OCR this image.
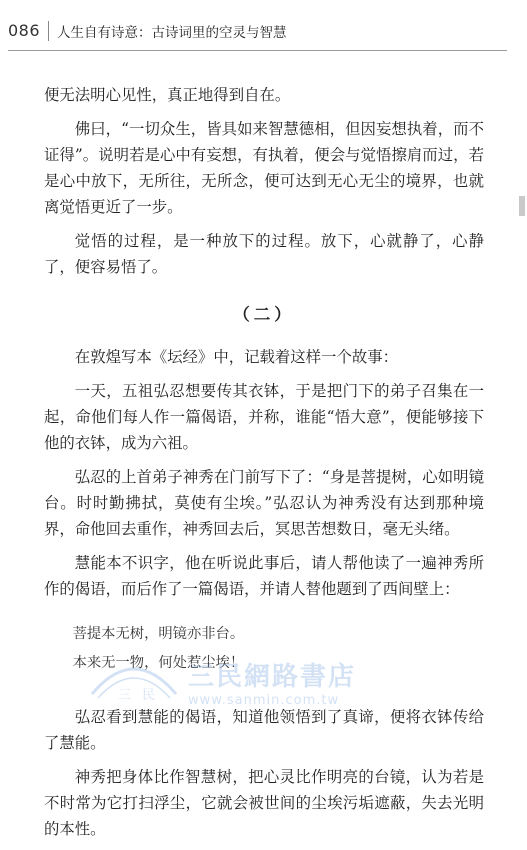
086	人生自有诗意：古诗词里的空灵与智慧

便无法明心见性，真正地得到自在。

佛曰，“一切众生，皆具如来智慧德相，但因妄想执着，而不证得”。说明若是心中有妄想，有执着，便会与觉悟擦肩而过，若是心中放下，无所往，无所念，便可达到无心无尘的境界，也就离觉悟更近了一步。

觉悟的过程，是一种放下的过程。放下，心就静了，心静了，便容易悟了。

（二）

在敦煌写本《坛经》中，记载着这样一个故事：

一天，五祖弘忍想要传其衣钵，于是把门下的弟子召集在一起，命他们每人作一篇偈语，并称，谁能“悟大意”，便能够接下他的衣钵，成为六祖。

弘忍的上首弟子神秀在门前写下了：“身是菩提树，心如明镜台。时时勤拂拭，莫使有尘埃。”弘忍认为神秀没有达到那种境界，命他回去重作，神秀回去后，冥思苦想数日，毫无头绪。

慧能本不识字，他在听说此事后，请人帮他读了一遍神秀所作的偈语，而后作了一篇偈语，并请人替他题到了西间壁上：

菩提本无树，明镜亦非台。
本来无一物，何处惹尘埃！

弘忍看到慧能的偈语，知道他领悟到了真谛，便将衣钵传给了慧能。

神秀把身体比作智慧树，把心灵比作明亮的台镜，认为若是不时常为它打扫浮尘，它就会被世间的尘埃污垢遮蔽，失去光明的本性。

三 民
三民網路書店
www.sanmin.com.tw
